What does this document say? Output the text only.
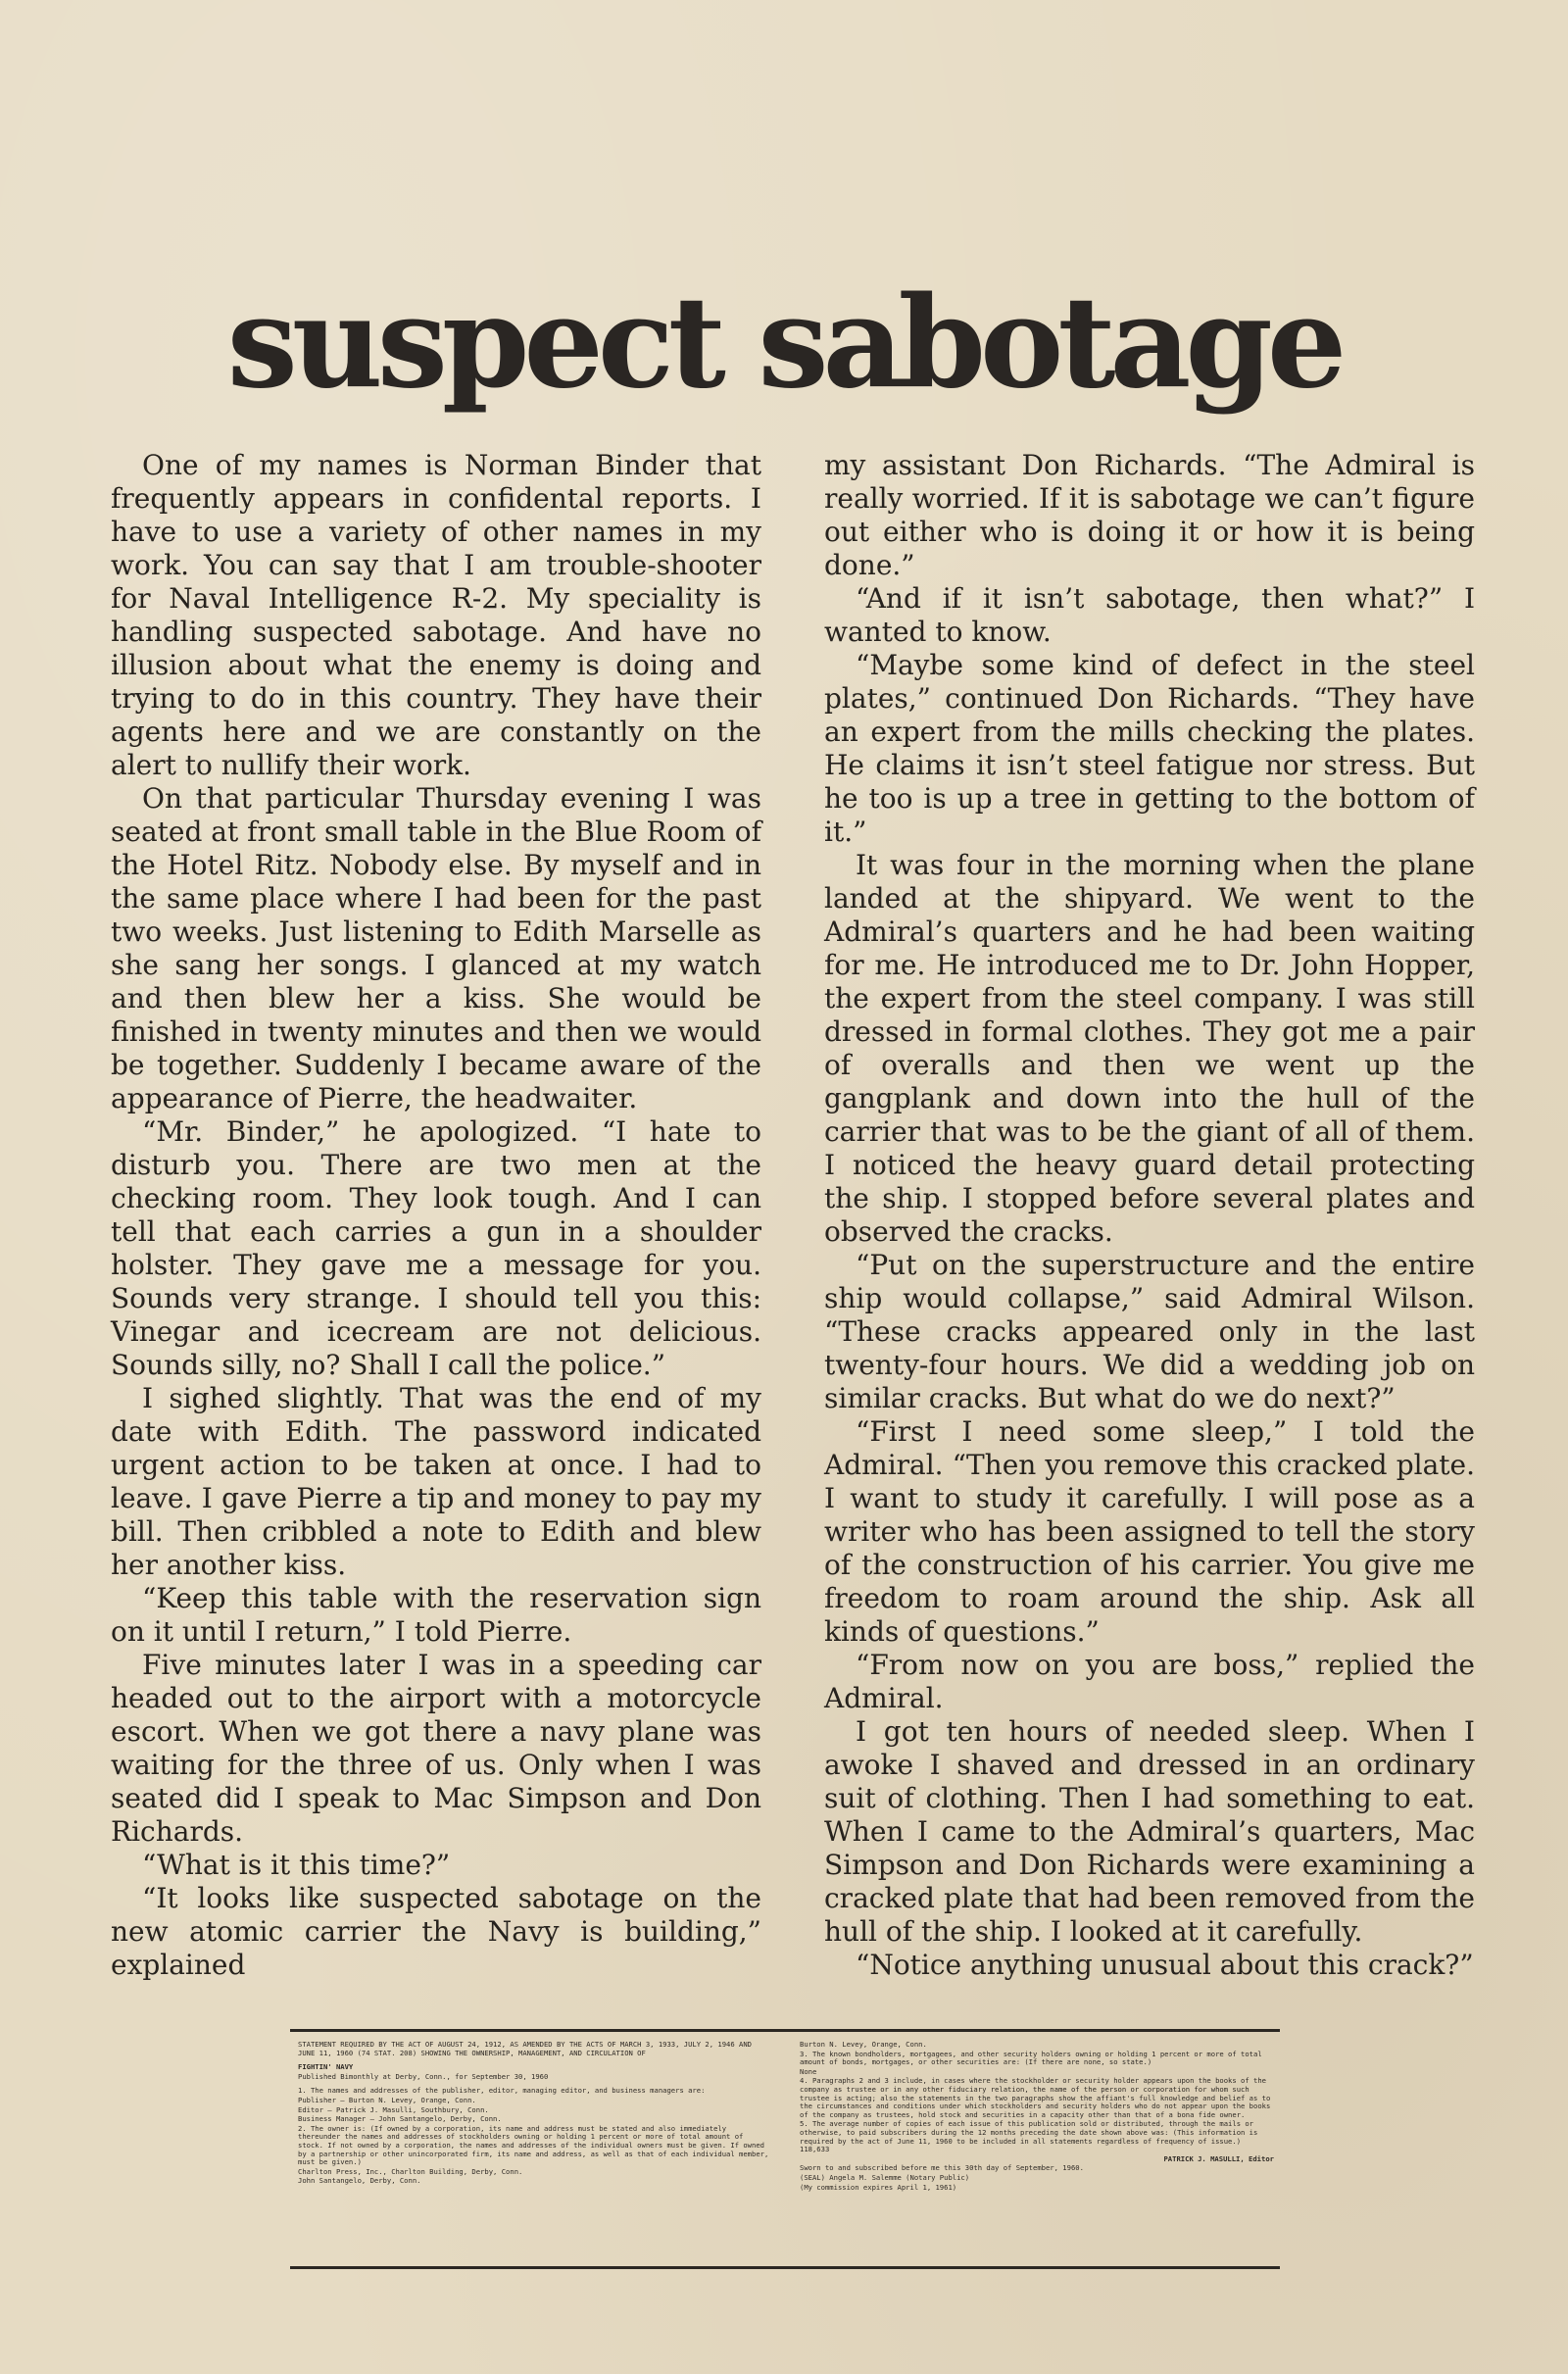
suspect sabotage

One of my names is Norman Binder that frequently appears in confidental reports. I have to use a variety of other names in my work. You can say that I am trouble-shooter for Naval Intelligence R-2. My speciality is handling suspected sabotage. And have no illusion about what the enemy is doing and trying to do in this country. They have their agents here and we are constantly on the alert to nullify their work.

On that particular Thursday evening I was seated at front small table in the Blue Room of the Hotel Ritz. Nobody else. By myself and in the same place where I had been for the past two weeks. Just listening to Edith Marselle as she sang her songs. I glanced at my watch and then blew her a kiss. She would be finished in twenty minutes and then we would be together. Suddenly I became aware of the appearance of Pierre, the headwaiter.

“Mr. Binder,” he apologized. “I hate to disturb you. There are two men at the checking room. They look tough. And I can tell that each carries a gun in a shoulder holster. They gave me a message for you. Sounds very strange. I should tell you this: Vinegar and icecream are not delicious. Sounds silly, no? Shall I call the police.”

I sighed slightly. That was the end of my date with Edith. The password indicated urgent action to be taken at once. I had to leave. I gave Pierre a tip and money to pay my bill. Then cribbled a note to Edith and blew her another kiss.

“Keep this table with the reservation sign on it until I return,” I told Pierre.

Five minutes later I was in a speeding car headed out to the airport with a motorcycle escort. When we got there a navy plane was waiting for the three of us. Only when I was seated did I speak to Mac Simpson and Don Richards.

“What is it this time?”

“It looks like suspected sabotage on the new atomic carrier the Navy is building,” explained

my assistant Don Richards. “The Admiral is really worried. If it is sabotage we can’t figure out either who is doing it or how it is being done.”

“And if it isn’t sabotage, then what?” I wanted to know.

“Maybe some kind of defect in the steel plates,” continued Don Richards. “They have an expert from the mills checking the plates. He claims it isn’t steel fatigue nor stress. But he too is up a tree in getting to the bottom of it.”

It was four in the morning when the plane landed at the shipyard. We went to the Admiral’s quarters and he had been waiting for me. He introduced me to Dr. John Hopper, the expert from the steel company. I was still dressed in formal clothes. They got me a pair of overalls and then we went up the gangplank and down into the hull of the carrier that was to be the giant of all of them. I noticed the heavy guard detail protecting the ship. I stopped before several plates and observed the cracks.

“Put on the superstructure and the entire ship would collapse,” said Admiral Wilson. “These cracks appeared only in the last twenty-four hours. We did a wedding job on similar cracks. But what do we do next?”

“First I need some sleep,” I told the Admiral. “Then you remove this cracked plate. I want to study it carefully. I will pose as a writer who has been assigned to tell the story of the construction of his carrier. You give me freedom to roam around the ship. Ask all kinds of questions.”

“From now on you are boss,” replied the Admiral.

I got ten hours of needed sleep. When I awoke I shaved and dressed in an ordinary suit of clothing. Then I had something to eat. When I came to the Admiral’s quarters, Mac Simpson and Don Richards were examining a cracked plate that had been removed from the hull of the ship. I looked at it carefully.

“Notice anything unusual about this crack?”

STATEMENT REQUIRED BY THE ACT OF AUGUST 24, 1912, AS AMENDED BY THE ACTS OF MARCH 3, 1933, JULY 2, 1946 AND JUNE 11, 1960 (74 STAT. 208) SHOWING THE OWNERSHIP, MANAGEMENT, AND CIRCULATION OF
FIGHTIN' NAVY
Published Bimonthly at Derby, Conn., for September 30, 1960
1. The names and addresses of the publisher, editor, managing editor, and business managers are:
Publisher — Burton N. Levey, Orange, Conn.
Editor — Patrick J. Masulli, Southbury, Conn.
Business Manager — John Santangelo, Derby, Conn.
2. The owner is: (If owned by a corporation, its name and address must be stated and also immediately thereunder the names and addresses of stockholders owning or holding 1 percent or more of total amount of stock. If not owned by a corporation, the names and addresses of the individual owners must be given. If owned by a partnership or other unincorporated firm, its name and address, as well as that of each individual member, must be given.)
Charlton Press, Inc., Charlton Building, Derby, Conn.
John Santangelo, Derby, Conn.
Burton N. Levey, Orange, Conn.
3. The known bondholders, mortgagees, and other security holders owning or holding 1 percent or more of total amount of bonds, mortgages, or other securities are: (If there are none, so state.)
None
4. Paragraphs 2 and 3 include, in cases where the stockholder or security holder appears upon the books of the company as trustee or in any other fiduciary relation, the name of the person or corporation for whom such trustee is acting; also the statements in the two paragraphs show the affiant's full knowledge and belief as to the circumstances and conditions under which stockholders and security holders who do not appear upon the books of the company as trustees, hold stock and securities in a capacity other than that of a bona fide owner.
5. The average number of copies of each issue of this publication sold or distributed, through the mails or otherwise, to paid subscribers during the 12 months preceding the date shown above was: (This information is required by the act of June 11, 1960 to be included in all statements regardless of frequency of issue.) 118,633
PATRICK J. MASULLI, Editor
Sworn to and subscribed before me this 30th day of September, 1960.
(SEAL) Angela M. Salemme (Notary Public)
(My commission expires April 1, 1961)
